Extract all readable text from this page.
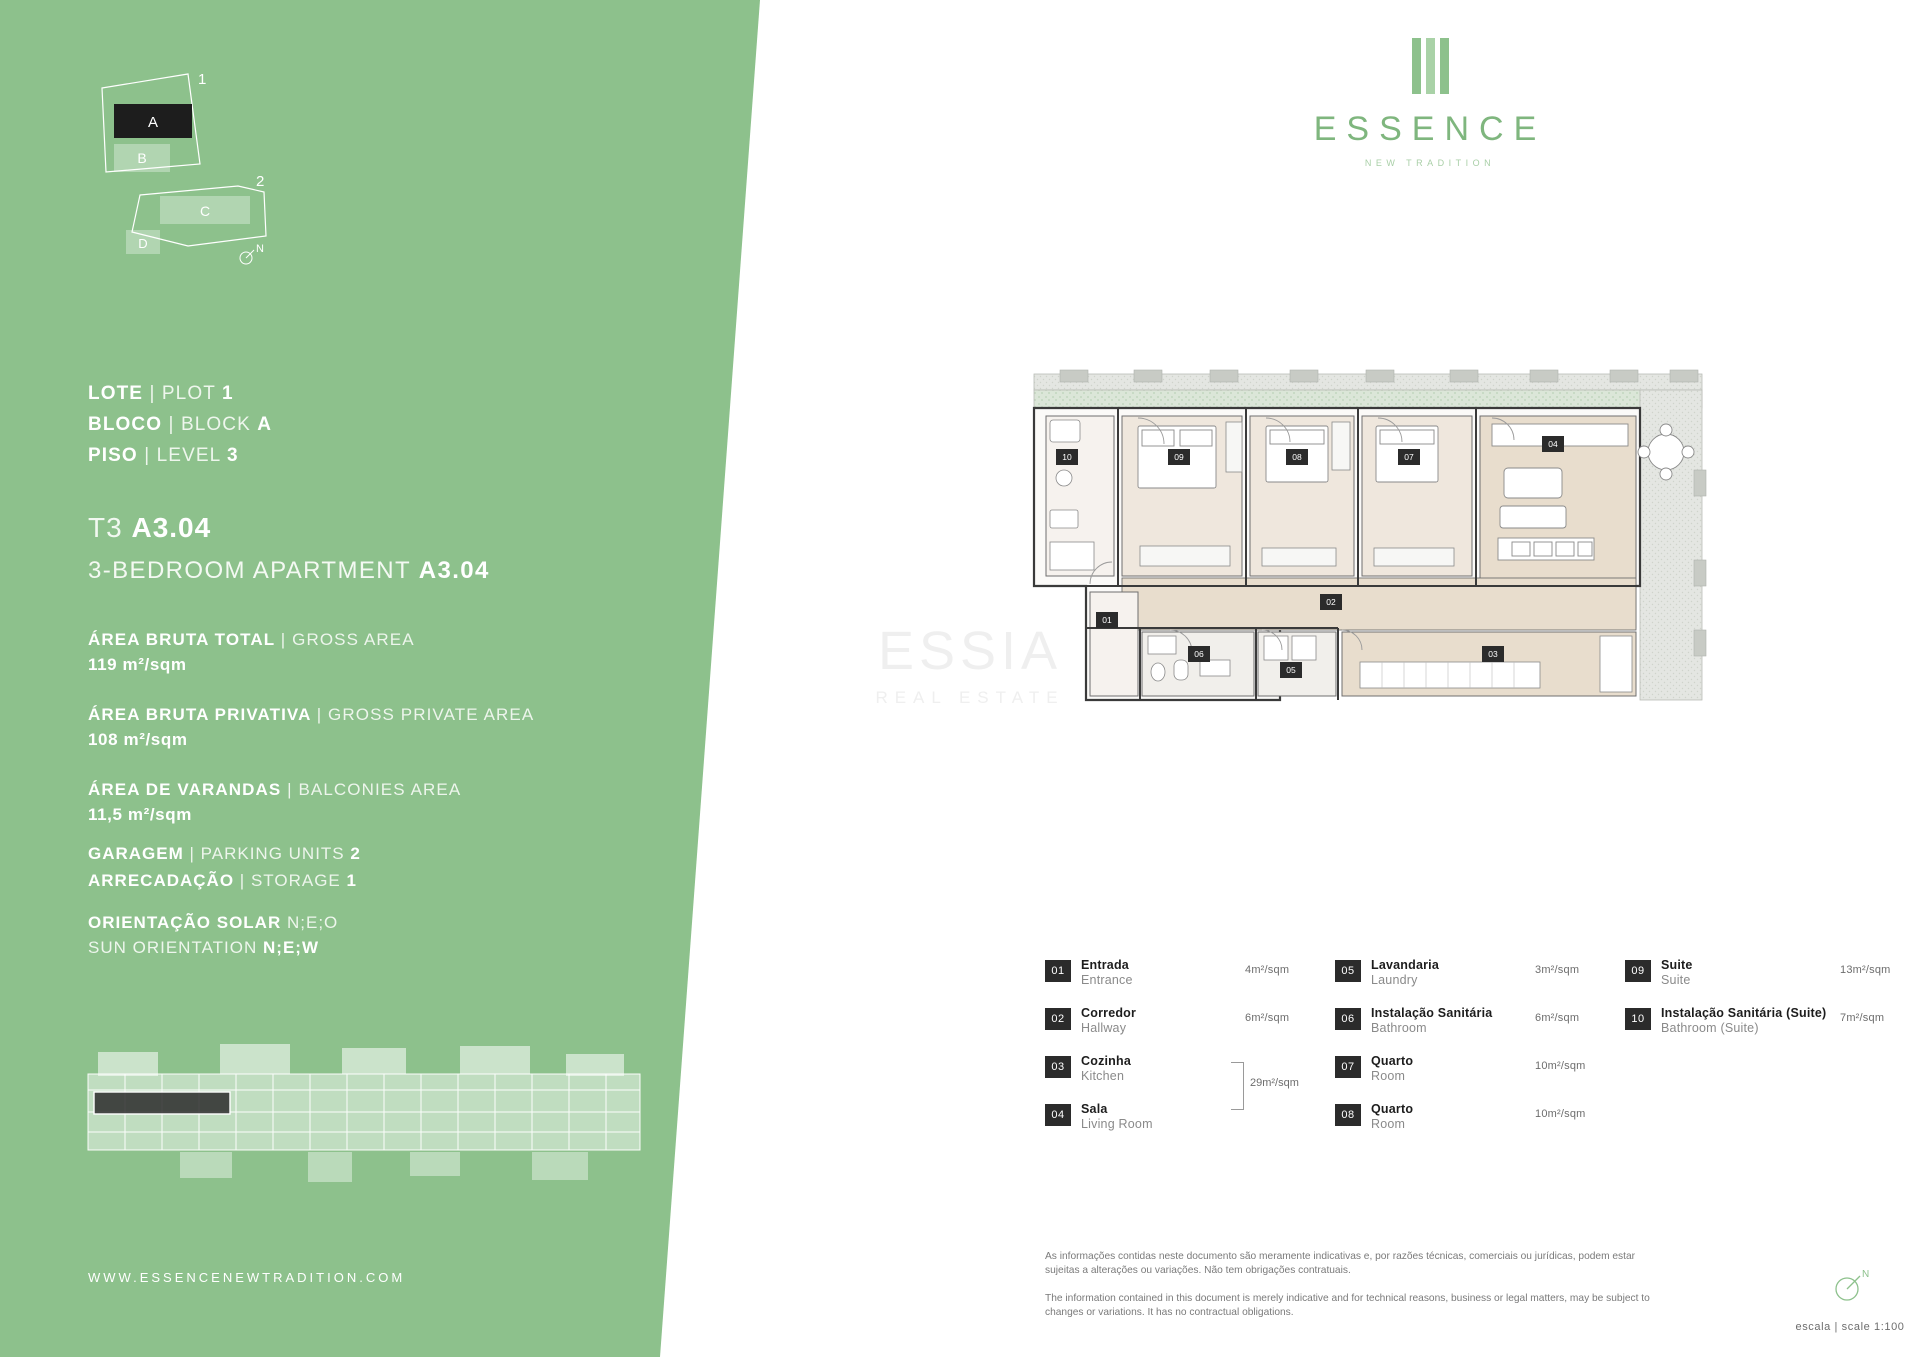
A
B
1
C
D
2
N
LOTE | PLOT 1
BLOCO | BLOCK A
PISO | LEVEL 3
T3 A3.04
3-BEDROOM APARTMENT A3.04
ÁREA BRUTA TOTAL | GROSS AREA
119 m²/sqm
ÁREA BRUTA PRIVATIVA | GROSS PRIVATE AREA
108 m²/sqm
ÁREA DE VARANDAS | BALCONIES AREA
11,5 m²/sqm
GARAGEM | PARKING UNITS 2
ARRECADAÇÃO | STORAGE 1
ORIENTAÇÃO SOLAR N;E;O
SUN ORIENTATION N;E;W
WWW.ESSENCENEWTRADITION.COM
ESSENCE
NEW TRADITION
ESSIA
REAL ESTATE
10	09	08	07
04
02
01
06
05
03
01	Entrada
Entrance
4m²/sqm
02	Corredor
Hallway
6m²/sqm
03	Cozinha
Kitchen
04	Sala
Living Room
29m²/sqm
05	Lavandaria
Laundry
3m²/sqm
06	Instalação Sanitária
Bathroom
6m²/sqm
07	Quarto
Room
10m²/sqm
08	Quarto
Room
10m²/sqm
09	Suite
Suite
13m²/sqm
10	Instalação Sanitária (Suite)
Bathroom (Suite)
7m²/sqm

As informações contidas neste documento são meramente indicativas e, por razões técnicas, comerciais ou jurídicas, podem estar sujeitas a alterações ou variações. Não tem obrigações contratuais.

The information contained in this document is merely indicative and for technical reasons, business or legal matters, may be subject to changes or variations. It has no contractual obligations.

N
escala | scale 1:100
